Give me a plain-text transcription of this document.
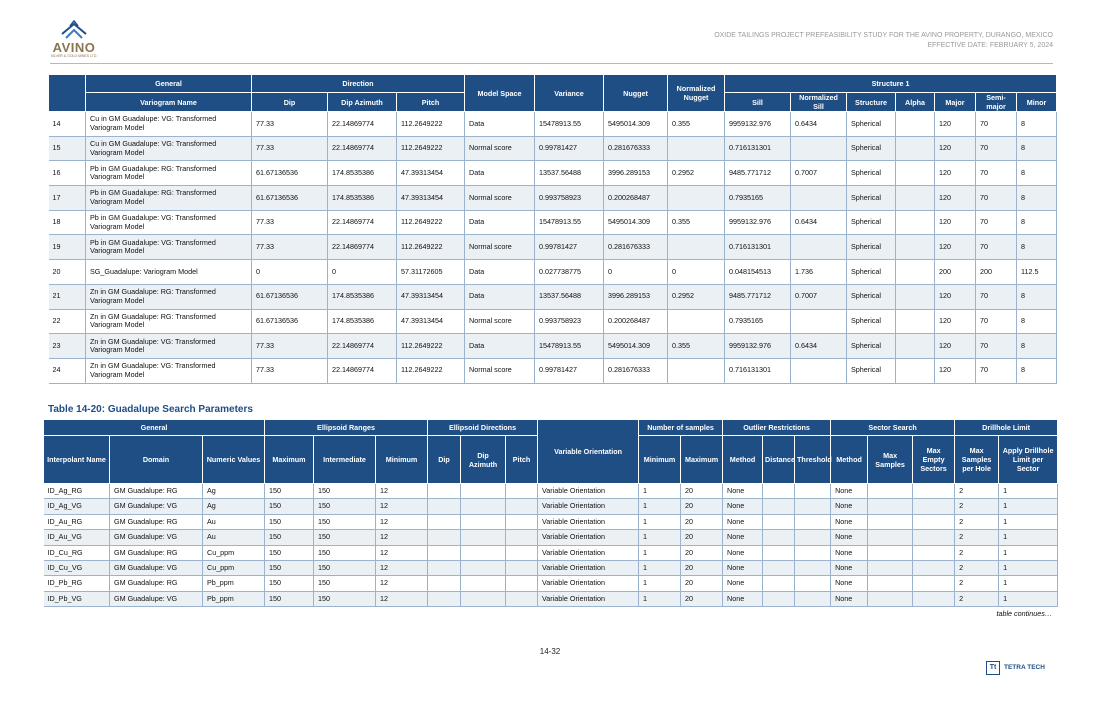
AVINO
SILVER & GOLD MINES LTD.
OXIDE TAILINGS PROJECT PREFEASIBILITY STUDY FOR THE AVINO PROPERTY, DURANGO, MEXICO
EFFECTIVE DATE: FEBRUARY 5, 2024
	General	Direction			Model Space	Variance	Nugget	Normalized Nugget	Structure 1						
	Variogram Name	Dip	Dip Azimuth	Pitch					Sill	Normalized Sill	Structure	Alpha	Major	Semi-major	Minor
14	Cu in GM Guadalupe: VG: Transformed Variogram Model	77.33	22.14869774	112.2649222	Data	15478913.55	5495014.309	0.355	9959132.976	0.6434	Spherical		120	70	8
15	Cu in GM Guadalupe: VG: Transformed Variogram Model	77.33	22.14869774	112.2649222	Normal score	0.99781427	0.281676333		0.716131301		Spherical		120	70	8
16	Pb in GM Guadalupe: RG: Transformed Variogram Model	61.67136536	174.8535386	47.39313454	Data	13537.56488	3996.289153	0.2952	9485.771712	0.7007	Spherical		120	70	8
17	Pb in GM Guadalupe: RG: Transformed Variogram Model	61.67136536	174.8535386	47.39313454	Normal score	0.993758923	0.200268487		0.7935165		Spherical		120	70	8
18	Pb in GM Guadalupe: VG: Transformed Variogram Model	77.33	22.14869774	112.2649222	Data	15478913.55	5495014.309	0.355	9959132.976	0.6434	Spherical		120	70	8
19	Pb in GM Guadalupe: VG: Transformed Variogram Model	77.33	22.14869774	112.2649222	Normal score	0.99781427	0.281676333		0.716131301		Spherical		120	70	8
20	SG_Guadalupe: Variogram Model	0	0	57.31172605	Data	0.027738775	0	0	0.048154513	1.736	Spherical		200	200	112.5
21	Zn in GM Guadalupe: RG: Transformed Variogram Model	61.67136536	174.8535386	47.39313454	Data	13537.56488	3996.289153	0.2952	9485.771712	0.7007	Spherical		120	70	8
22	Zn in GM Guadalupe: RG: Transformed Variogram Model	61.67136536	174.8535386	47.39313454	Normal score	0.993758923	0.200268487		0.7935165		Spherical		120	70	8
23	Zn in GM Guadalupe: VG: Transformed Variogram Model	77.33	22.14869774	112.2649222	Data	15478913.55	5495014.309	0.355	9959132.976	0.6434	Spherical		120	70	8
24	Zn in GM Guadalupe: VG: Transformed Variogram Model	77.33	22.14869774	112.2649222	Normal score	0.99781427	0.281676333		0.716131301		Spherical		120	70	8
Table 14-20: Guadalupe Search Parameters
General			Ellipsoid Ranges			Ellipsoid Directions			Variable Orientation	Number of samples		Outlier Restrictions			Sector Search			Drillhole Limit	
Interpolant Name	Domain	Numeric Values	Maximum	Intermediate	Minimum	Dip	Dip Azimuth	Pitch		Minimum	Maximum	Method	Distance	Threshold	Method	Max Samples	Max Empty Sectors	Max Samples per Hole	Apply Drillhole Limit per Sector
ID_Ag_RG	GM Guadalupe: RG	Ag	150	150	12				Variable Orientation	1	20	None			None			2	1
ID_Ag_VG	GM Guadalupe: VG	Ag	150	150	12				Variable Orientation	1	20	None			None			2	1
ID_Au_RG	GM Guadalupe: RG	Au	150	150	12				Variable Orientation	1	20	None			None			2	1
ID_Au_VG	GM Guadalupe: VG	Au	150	150	12				Variable Orientation	1	20	None			None			2	1
ID_Cu_RG	GM Guadalupe: RG	Cu_ppm	150	150	12				Variable Orientation	1	20	None			None			2	1
ID_Cu_VG	GM Guadalupe: VG	Cu_ppm	150	150	12				Variable Orientation	1	20	None			None			2	1
ID_Pb_RG	GM Guadalupe: RG	Pb_ppm	150	150	12				Variable Orientation	1	20	None			None			2	1
ID_Pb_VG	GM Guadalupe: VG	Pb_ppm	150	150	12				Variable Orientation	1	20	None			None			2	1
table continues…
14-32
Tt	TETRA TECH
